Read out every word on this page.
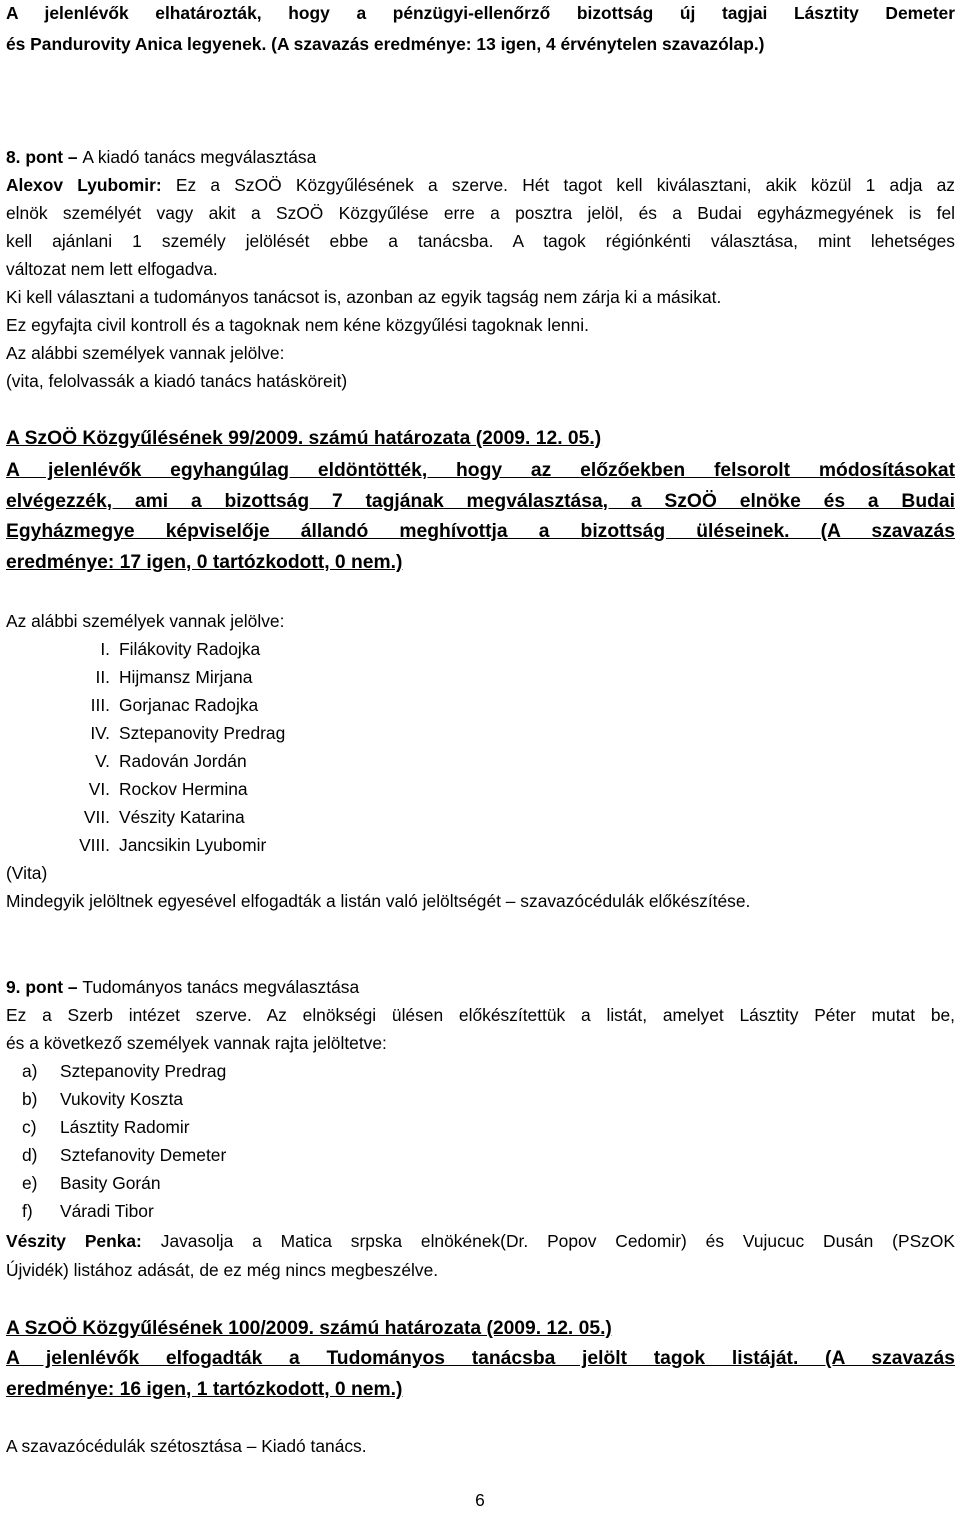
A jelenlévők elhatározták, hogy a pénzügyi-ellenőrző bizottság új tagjai Lásztity Demeter
és Pandurovity Anica legyenek. (A szavazás eredménye: 13 igen, 4 érvénytelen szavazólap.)
8. pont – A kiadó tanács megválasztása
Alexov Lyubomir: Ez a SzOÖ Közgyűlésének a szerve. Hét tagot kell kiválasztani, akik közül 1 adja az
elnök személyét vagy akit a SzOÖ Közgyűlése erre a posztra jelöl, és a Budai egyházmegyének is fel
kell ajánlani 1 személy jelölését ebbe a tanácsba. A tagok régiónkénti választása, mint lehetséges
változat nem lett elfogadva.
Ki kell választani a tudományos tanácsot is, azonban az egyik tagság nem zárja ki a másikat.
Ez egyfajta civil kontroll és a tagoknak nem kéne közgyűlési tagoknak lenni.
Az alábbi személyek vannak jelölve:
(vita, felolvassák a kiadó tanács hatásköreit)
A SzOÖ Közgyűlésének 99/2009. számú határozata (2009. 12. 05.)
A jelenlévők egyhangúlag eldöntötték, hogy az előzőekben felsorolt módosításokat
elvégezzék, ami a bizottság 7 tagjának megválasztása, a SzOÖ elnöke és a Budai
Egyházmegye képviselője állandó meghívottja a bizottság üléseinek. (A szavazás
eredménye: 17 igen, 0 tartózkodott, 0 nem.)
Az alábbi személyek vannak jelölve:
I. Filákovity Radojka
II. Hijmansz Mirjana
III. Gorjanac Radojka
IV. Sztepanovity Predrag
V. Radován Jordán
VI. Rockov Hermina
VII. Vészity Katarina
VIII. Jancsikin Lyubomir
(Vita)
Mindegyik jelöltnek egyesével elfogadták a listán való jelöltségét – szavazócédulák előkészítése.
9. pont – Tudományos tanács megválasztása
Ez a Szerb intézet szerve. Az elnökségi ülésen előkészítettük a listát, amelyet Lásztity Péter mutat be,
és a következő személyek vannak rajta jelöltetve:
a) Sztepanovity Predrag
b) Vukovity Koszta
c) Lásztity Radomir
d) Sztefanovity Demeter
e) Basity Gorán
f) Váradi Tibor
Vészity Penka: Javasolja a Matica srpska elnökének(Dr. Popov Cedomir) és Vujucuc Dusán (PSzOK
Újvidék) listához adását, de ez még nincs megbeszélve.
A SzOÖ Közgyűlésének 100/2009. számú határozata (2009. 12. 05.)
A jelenlévők elfogadták a Tudományos tanácsba jelölt tagok listáját. (A szavazás
eredménye: 16 igen, 1 tartózkodott, 0 nem.)
A szavazócédulák szétosztása – Kiadó tanács.
6
